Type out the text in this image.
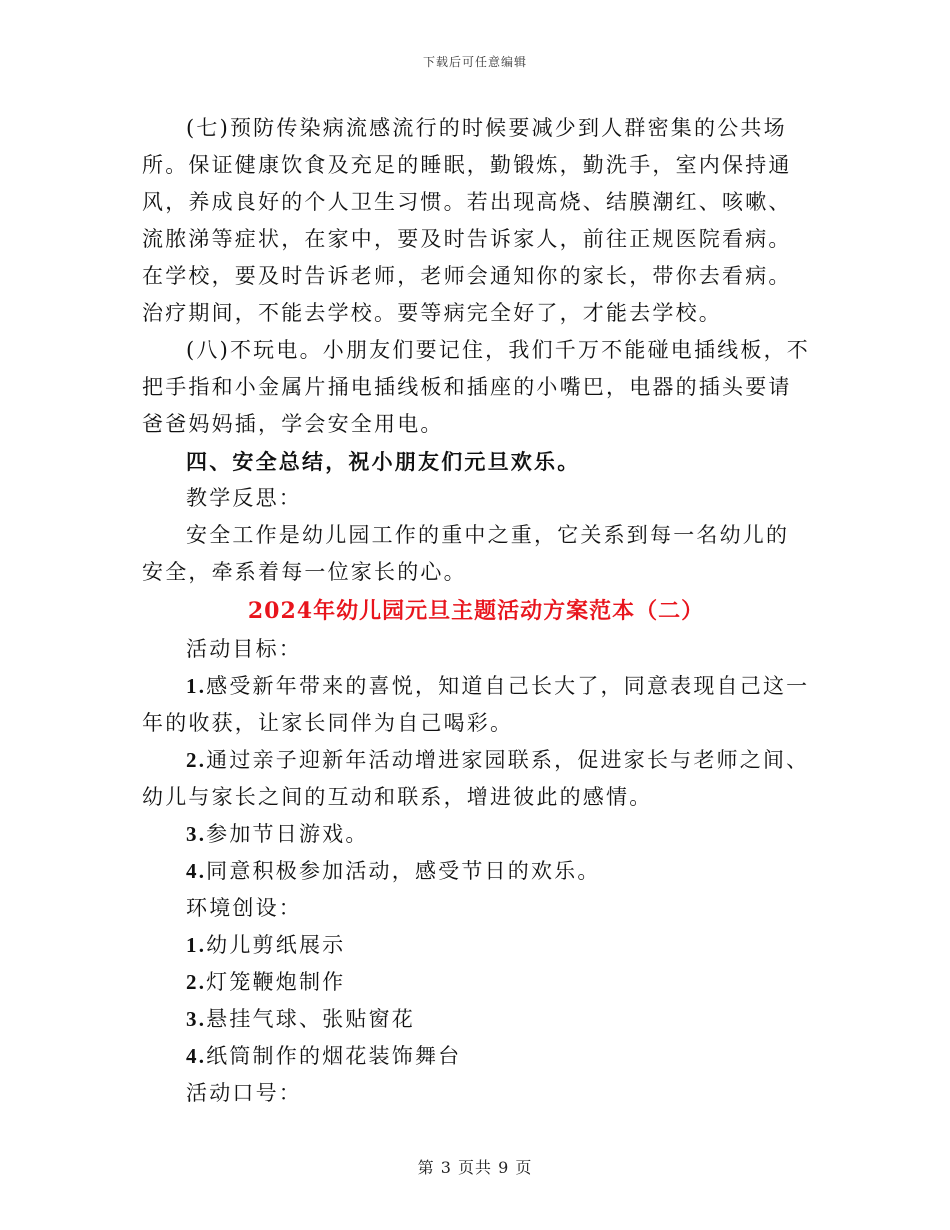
下载后可任意编辑

(七)预防传染病流感流行的时候要减少到人群密集的公共场所。保证健康饮食及充足的睡眠，勤锻炼，勤洗手，室内保持通风，养成良好的个人卫生习惯。若出现高烧、结膜潮红、咳嗽、流脓涕等症状，在家中，要及时告诉家人，前往正规医院看病。在学校，要及时告诉老师，老师会通知你的家长，带你去看病。治疗期间，不能去学校。要等病完全好了，才能去学校。

(八)不玩电。小朋友们要记住，我们千万不能碰电插线板，不把手指和小金属片捅电插线板和插座的小嘴巴，电器的插头要请爸爸妈妈插，学会安全用电。

四、安全总结，祝小朋友们元旦欢乐。

教学反思：

安全工作是幼儿园工作的重中之重，它关系到每一名幼儿的安全，牵系着每一位家长的心。

2024年幼儿园元旦主题活动方案范本（二）

活动目标：

1.感受新年带来的喜悦，知道自己长大了，同意表现自己这一年的收获，让家长同伴为自己喝彩。

2.通过亲子迎新年活动增进家园联系，促进家长与老师之间、幼儿与家长之间的互动和联系，增进彼此的感情。

3.参加节日游戏。

4.同意积极参加活动，感受节日的欢乐。

环境创设：

1.幼儿剪纸展示

2.灯笼鞭炮制作

3.悬挂气球、张贴窗花

4.纸筒制作的烟花装饰舞台

活动口号：

第 3 页共 9 页
